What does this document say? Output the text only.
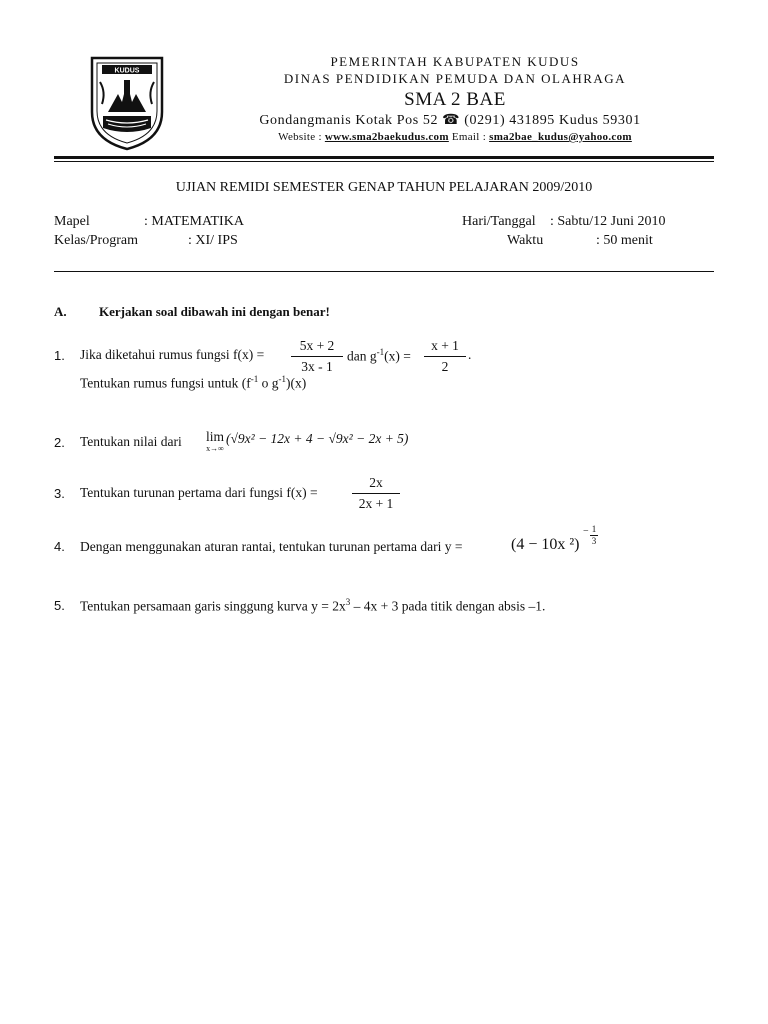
KUDUS
PEMERINTAH KABUPATEN KUDUS
DINAS PENDIDIKAN PEMUDA DAN OLAHRAGA
SMA 2 BAE
Gondangmanis Kotak Pos 52 ☎ (0291) 431895 Kudus 59301
Website : www.sma2baekudus.com Email : sma2bae_kudus@yahoo.com
UJIAN REMIDI SEMESTER GENAP TAHUN PELAJARAN 2009/2010
Mapel	: MATEMATIKA
Kelas/Program	: XI/ IPS
Hari/Tanggal : Sabtu/12 Juni 2010
Waktu	: 50 menit
A. Kerjakan soal dibawah ini dengan benar!
1. Jika diketahui rumus fungsi f(x) =
5x + 2
3x - 1
dan $g^{-1}(x)$ =
x + 1
2
.
Tentukan rumus fungsi untuk ($f^{-1}$ o $g^{-1})(x)$
2. Tentukan nilai dari lim
x→∞
(√9x² − 12x + 4 − √9x² − 2x + 5)
3. Tentukan turunan pertama dari fungsi f(x) =
2x
2x + 1
4. Dengan menggunakan aturan rantai, tentukan turunan pertama dari y =	(4 − 10x ²)
− 1
3
5. Tentukan persamaan garis singgung kurva $y = 2x^3 - 4x + 3$ pada titik dengan absis –1.
